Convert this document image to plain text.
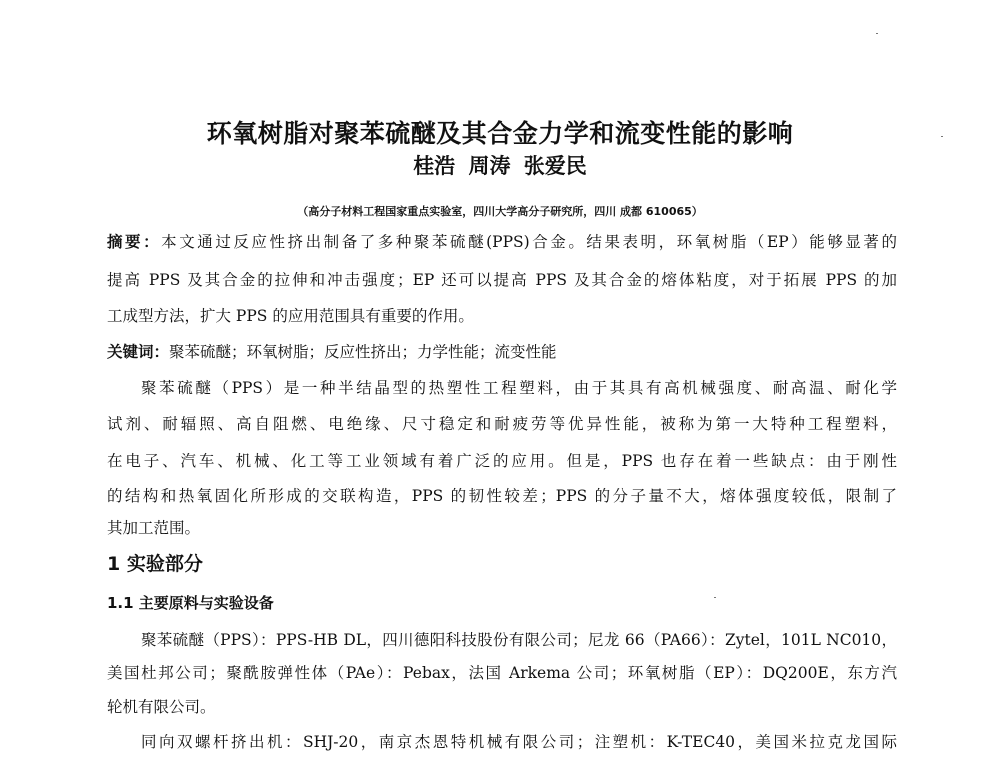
环氧树脂对聚苯硫醚及其合金力学和流变性能的影响
桂浩 周涛 张爱民
（高分子材料工程国家重点实验室，四川大学高分子研究所，四川 成都 610065）
摘要：本文通过反应性挤出制备了多种聚苯硫醚(PPS)合金。结果表明，环氧树脂（EP）能够显著的
提高 PPS 及其合金的拉伸和冲击强度；EP 还可以提高 PPS 及其合金的熔体粘度，对于拓展 PPS 的加
工成型方法，扩大 PPS 的应用范围具有重要的作用。
关键词：聚苯硫醚；环氧树脂；反应性挤出；力学性能；流变性能
聚苯硫醚（PPS）是一种半结晶型的热塑性工程塑料，由于其具有高机械强度、耐高温、耐化学
试剂、耐辐照、高自阻燃、电绝缘、尺寸稳定和耐疲劳等优异性能，被称为第一大特种工程塑料，
在电子、汽车、机械、化工等工业领域有着广泛的应用。但是，PPS 也存在着一些缺点：由于刚性
的结构和热氧固化所形成的交联构造，PPS 的韧性较差；PPS 的分子量不大，熔体强度较低，限制了
其加工范围。
1 实验部分
1.1 主要原料与实验设备
聚苯硫醚（PPS）：PPS-HB DL，四川德阳科技股份有限公司；尼龙 66（PA66）：Zytel，101L NC010，
美国杜邦公司；聚酰胺弹性体（PAe）：Pebax，法国 Arkema 公司；环氧树脂（EP）：DQ200E，东方汽
轮机有限公司。
同向双螺杆挤出机：SHJ-20，南京杰恩特机械有限公司；注塑机：K-TEC40，美国米拉克龙国际
